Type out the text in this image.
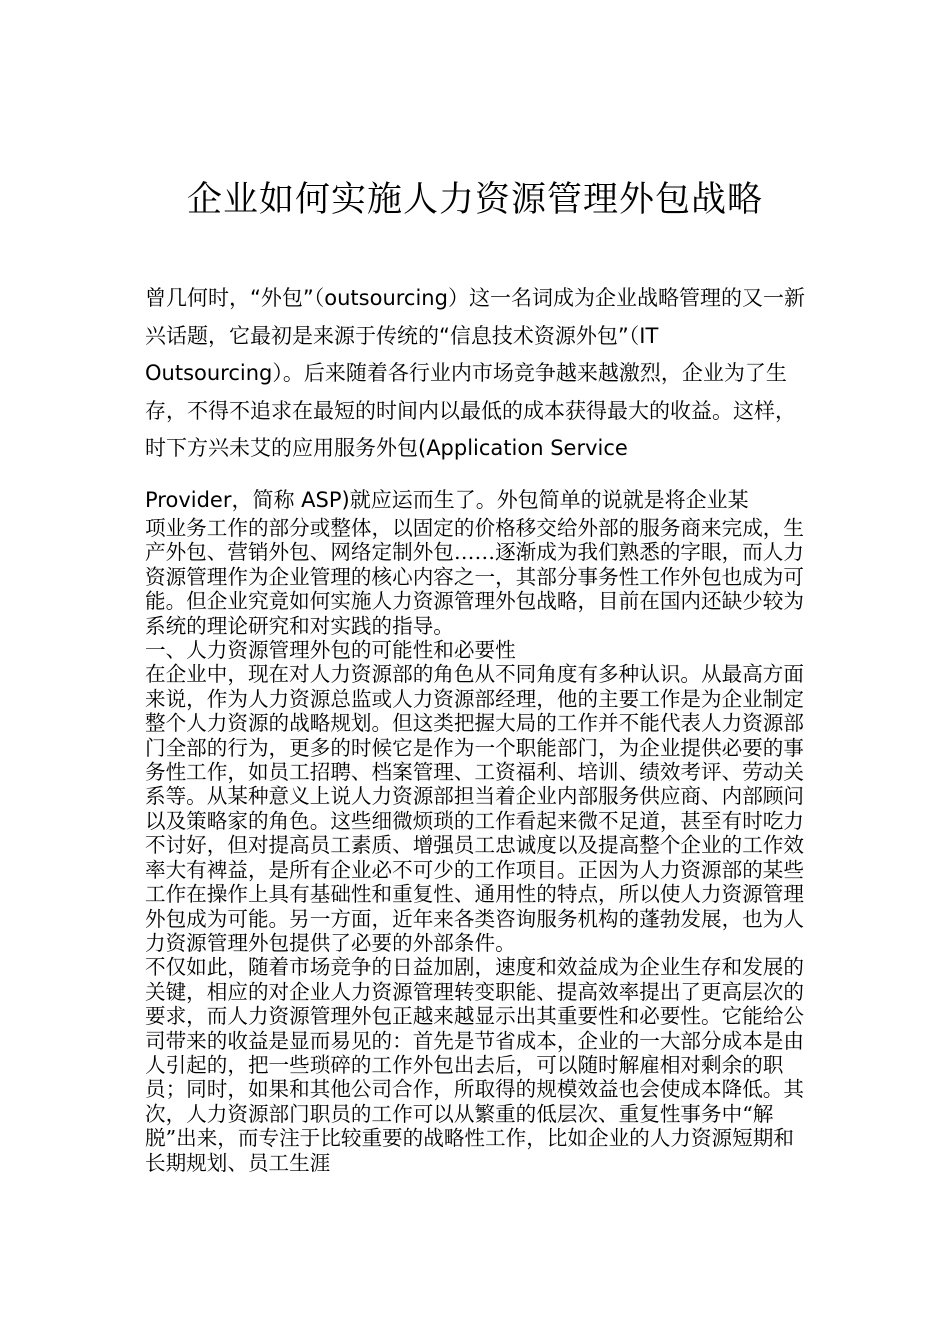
企业如何实施人力资源管理外包战略
曾几何时，“外包”（outsourcing）这一名词成为企业战略管理的又一新兴话题，它最初是来源于传统的“信息技术资源外包”（IT Outsourcing）。后来随着各行业内市场竞争越来越激烈，企业为了生存，不得不追求在最短的时间内以最低的成本获得最大的收益。这样，时下方兴未艾的应用服务外包(Application Service
Provider，简称 ASP)就应运而生了。外包简单的说就是将企业某

项业务工作的部分或整体，以固定的价格移交给外部的服务商来完成，生产外包、营销外包、网络定制外包……逐渐成为我们熟悉的字眼，而人力资源管理作为企业管理的核心内容之一，其部分事务性工作外包也成为可能。但企业究竟如何实施人力资源管理外包战略，目前在国内还缺少较为系统的理论研究和对实践的指导。

一、人力资源管理外包的可能性和必要性

在企业中，现在对人力资源部的角色从不同角度有多种认识。从最高方面来说，作为人力资源总监或人力资源部经理，他的主要工作是为企业制定整个人力资源的战略规划。但这类把握大局的工作并不能代表人力资源部门全部的行为，更多的时候它是作为一个职能部门，为企业提供必要的事务性工作，如员工招聘、档案管理、工资福利、培训、绩效考评、劳动关系等。从某种意义上说人力资源部担当着企业内部服务供应商、内部顾问以及策略家的角色。这些细微烦琐的工作看起来微不足道，甚至有时吃力不讨好，但对提高员工素质、增强员工忠诚度以及提高整个企业的工作效率大有裨益，是所有企业必不可少的工作项目。正因为人力资源部的某些工作在操作上具有基础性和重复性、通用性的特点，所以使人力资源管理外包成为可能。另一方面，近年来各类咨询服务机构的蓬勃发展，也为人力资源管理外包提供了必要的外部条件。

不仅如此，随着市场竞争的日益加剧，速度和效益成为企业生存和发展的关键，相应的对企业人力资源管理转变职能、提高效率提出了更高层次的要求，而人力资源管理外包正越来越显示出其重要性和必要性。它能给公司带来的收益是显而易见的：首先是节省成本，企业的一大部分成本是由人引起的，把一些琐碎的工作外包出去后，可以随时解雇相对剩余的职员；同时，如果和其他公司合作，所取得的规模效益也会使成本降低。其次，人力资源部门职员的工作可以从繁重的低层次、重复性事务中“解脱”出来，而专注于比较重要的战略性工作，比如企业的人力资源短期和长期规划、员工生涯
